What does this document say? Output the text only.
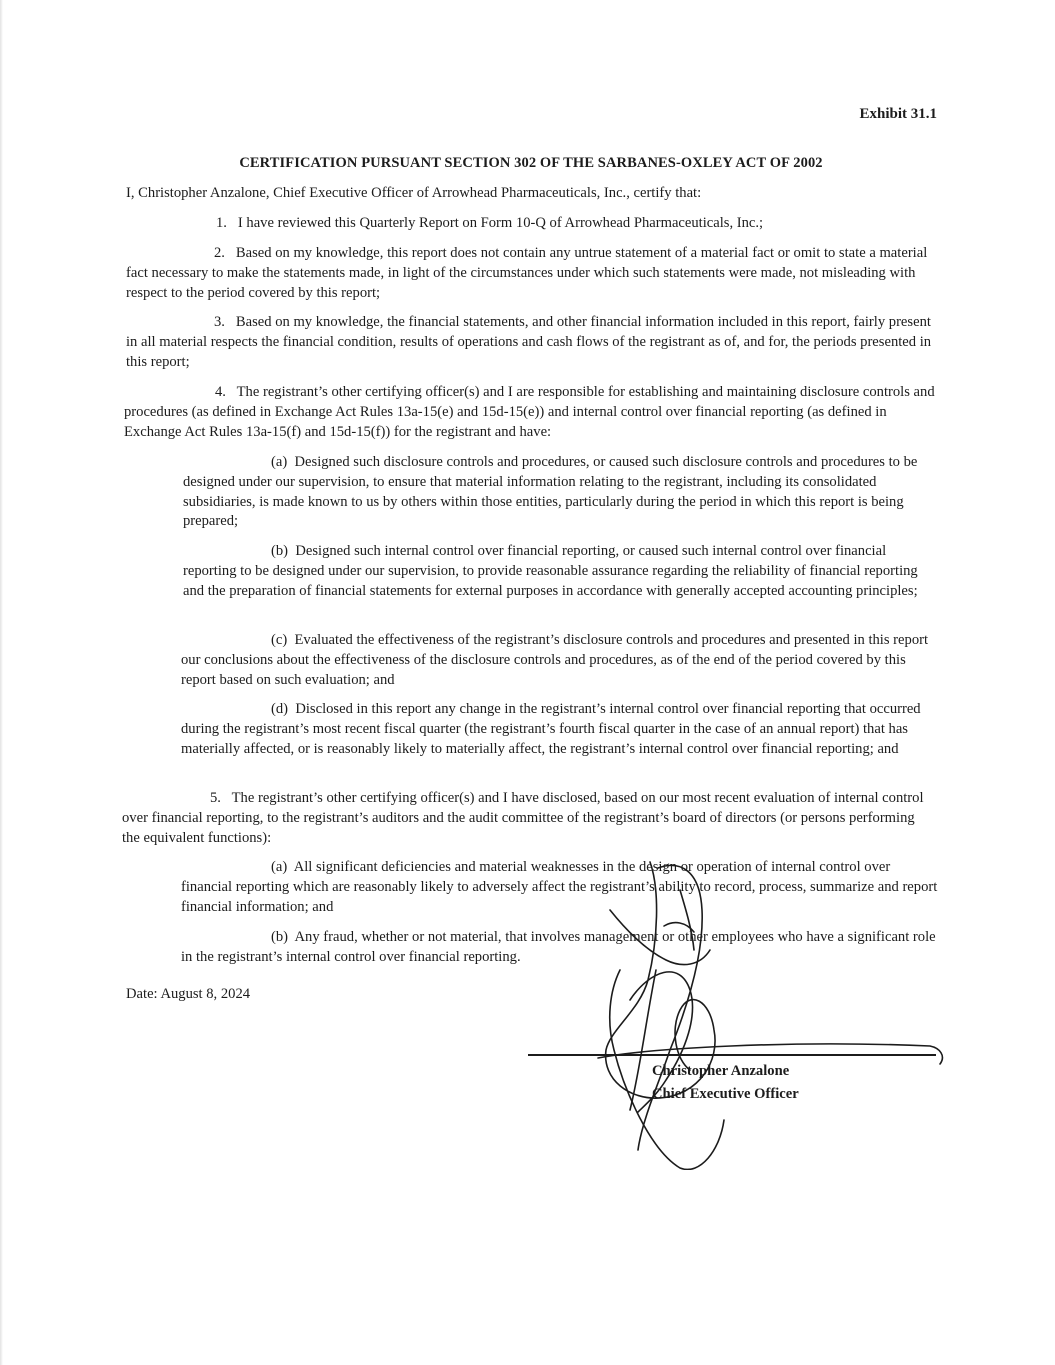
Exhibit 31.1
CERTIFICATION PURSUANT SECTION 302 OF THE SARBANES-OXLEY ACT OF 2002

I, Christopher Anzalone, Chief Executive Officer of Arrowhead Pharmaceuticals, Inc., certify that:

1.   I have reviewed this Quarterly Report on Form 10-Q of Arrowhead Pharmaceuticals, Inc.;

2.   Based on my knowledge, this report does not contain any untrue statement of a material fact or omit to state a material fact necessary to make the statements made, in light of the circumstances under which such statements were made, not misleading with respect to the period covered by this report;

3.   Based on my knowledge, the financial statements, and other financial information included in this report, fairly present in all material respects the financial condition, results of operations and cash flows of the registrant as of, and for, the periods presented in this report;

4.   The registrant’s other certifying officer(s) and I are responsible for establishing and maintaining disclosure controls and procedures (as defined in Exchange Act Rules 13a-15(e) and 15d-15(e)) and internal control over financial reporting (as defined in Exchange Act Rules 13a-15(f) and 15d-15(f)) for the registrant and have:

(a)  Designed such disclosure controls and procedures, or caused such disclosure controls and procedures to be designed under our supervision, to ensure that material information relating to the registrant, including its consolidated subsidiaries, is made known to us by others within those entities, particularly during the period in which this report is being prepared;

(b)  Designed such internal control over financial reporting, or caused such internal control over financial reporting to be designed under our supervision, to provide reasonable assurance regarding the reliability of financial reporting and the preparation of financial statements for external purposes in accordance with generally accepted accounting principles;

(c)  Evaluated the effectiveness of the registrant’s disclosure controls and procedures and presented in this report our conclusions about the effectiveness of the disclosure controls and procedures, as of the end of the period covered by this report based on such evaluation; and

(d)  Disclosed in this report any change in the registrant’s internal control over financial reporting that occurred during the registrant’s most recent fiscal quarter (the registrant’s fourth fiscal quarter in the case of an annual report) that has materially affected, or is reasonably likely to materially affect, the registrant’s internal control over financial reporting; and

5.   The registrant’s other certifying officer(s) and I have disclosed, based on our most recent evaluation of internal control over financial reporting, to the registrant’s auditors and the audit committee of the registrant’s board of directors (or persons performing the equivalent functions):

(a)  All significant deficiencies and material weaknesses in the design or operation of internal control over financial reporting which are reasonably likely to adversely affect the registrant’s ability to record, process, summarize and report financial information; and

(b)  Any fraud, whether or not material, that involves management or other employees who have a significant role in the registrant’s internal control over financial reporting.

Date: August 8, 2024

Christopher Anzalone
Chief Executive Officer
